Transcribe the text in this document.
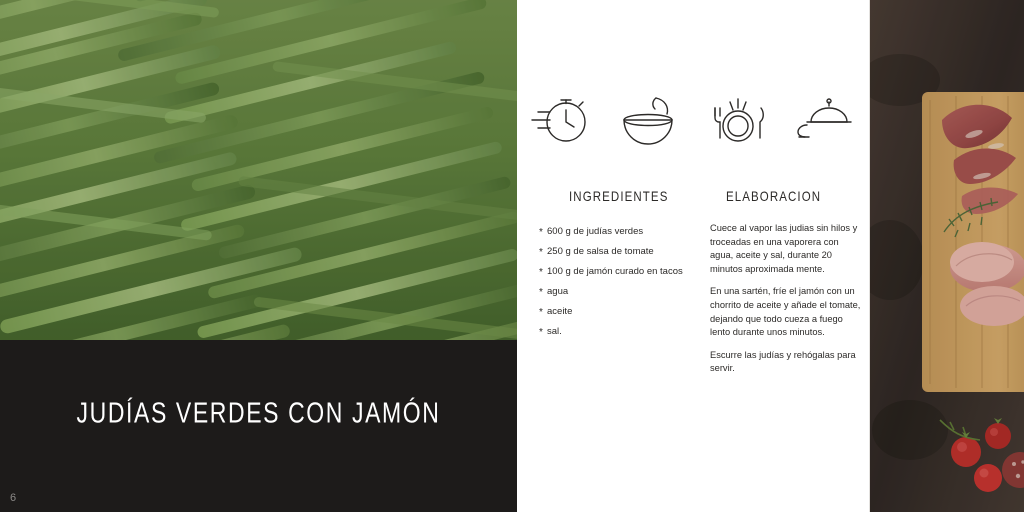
JUDÍAS VERDES CON JAMÓN
6
INGREDIENTES	ELABORACION
* 600 g de judías verdes
* 250 g de salsa de tomate
* 100 g de jamón curado en tacos
* agua
* aceite
* sal.

Cuece al vapor las judias sin hilos y troceadas en una vaporera con agua, aceite y sal, durante 20 minutos aproximada mente.

En una sartén, fríe el jamón con un chorrito de aceite y añade el tomate, dejando que todo cueza a fuego lento durante unos minutos.

Escurre las judías y rehógalas para servir.
